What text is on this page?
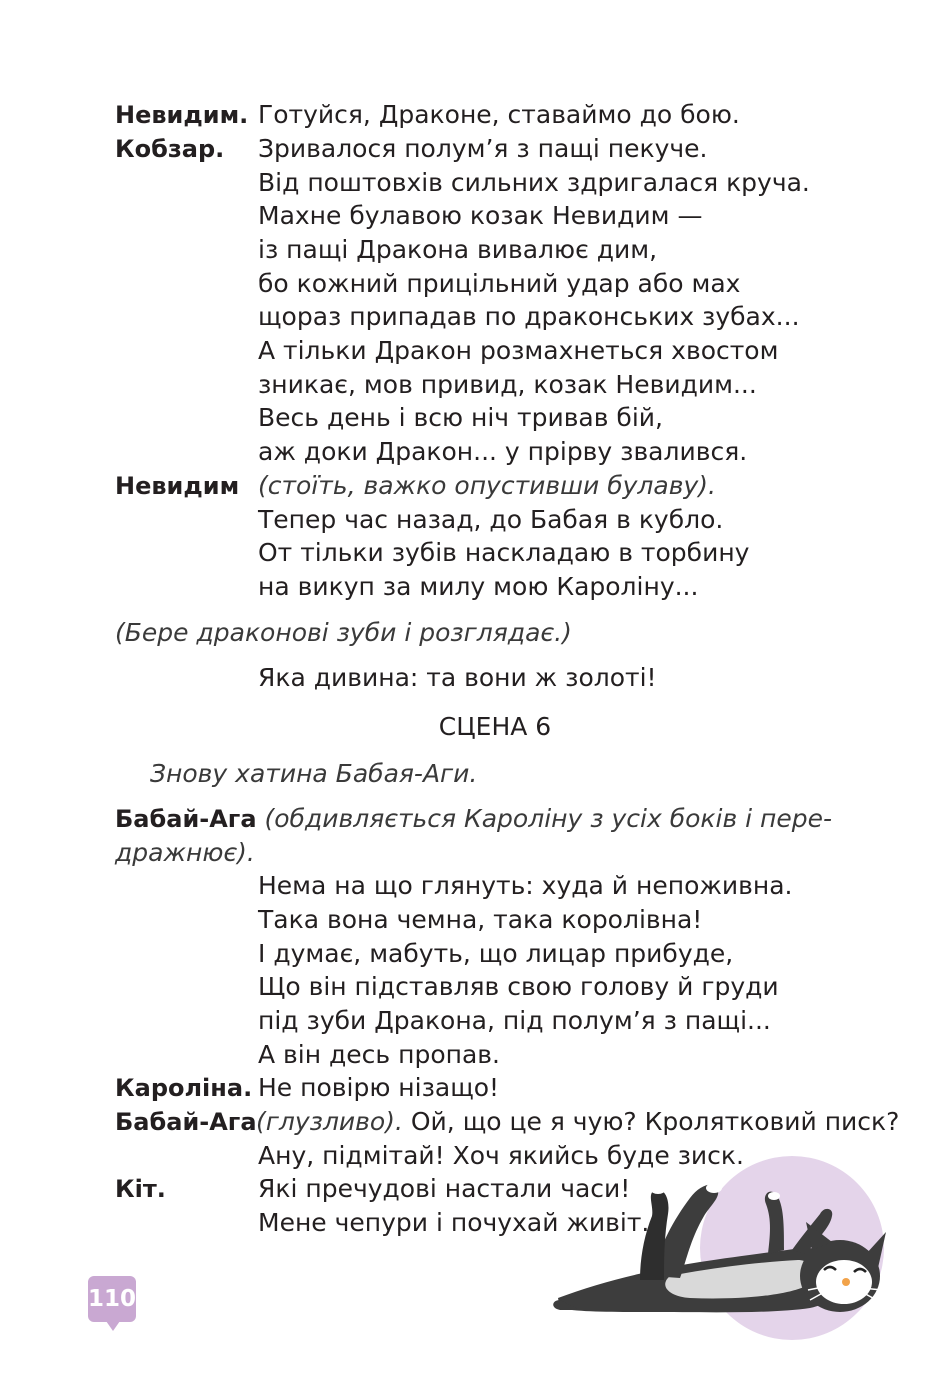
Невидим. Готуйся, Драконе, ставаймо до бою.
Кобзар. Зривалося полум’я з пащі пекуче.
Від поштовхів сильних здригалася круча.
Махне булавою козак Невидим —
із пащі Дракона вивалює дим,
бо кожний прицільний удар або мах
щораз припадав по драконських зубах...
А тільки Дракон розмахнеться хвостом
зникає, мов привид, козак Невидим...
Весь день і всю ніч тривав бій,
аж доки Дракон... у прірву звалився.
Невидим (стоїть, важко опустивши булаву).
Тепер час назад, до Бабая в кубло.
От тільки зубів наскладаю в торбину
на викуп за милу мою Кароліну...
(Бере драконові зуби і розглядає.)
Яка дивина: та вони ж золоті!
СЦЕНА 6
Знову хатина Бабая-Аги.
Бабай-Ага (обдивляється Кароліну з усіх боків і пере-
дражнює).
Нема на що глянуть: худа й непоживна.
Така вона чемна, така королівна!
І думає, мабуть, що лицар прибуде,
Що він підставляв свою голову й груди
під зуби Дракона, під полум’я з пащі...
А він десь пропав.
Кароліна. Не повірю нізащо!
Бабай-Ага (глузливо). Ой, що це я чую? Кролятковий писк?
Ану, підмітай! Хоч якийсь буде зиск.
Кіт.	Які пречудові настали часи!
Мене чепури і почухай живіт.
110
